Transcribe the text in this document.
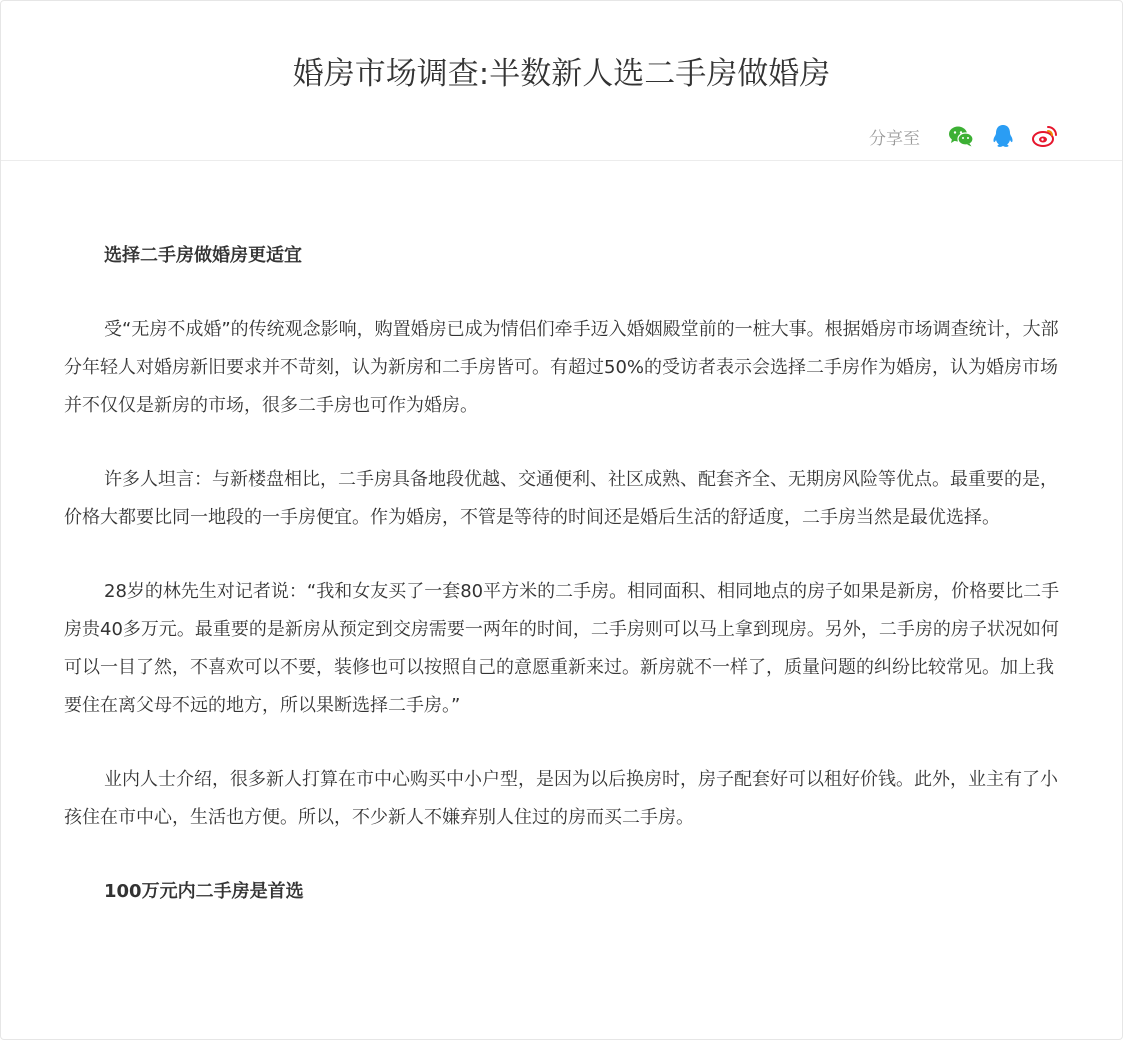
婚房市场调查:半数新人选二手房做婚房
分享至

选择二手房做婚房更适宜

受“无房不成婚”的传统观念影响，购置婚房已成为情侣们牵手迈入婚姻殿堂前的一桩大事。根据婚房市场调查统计，大部分年轻人对婚房新旧要求并不苛刻，认为新房和二手房皆可。有超过50%的受访者表示会选择二手房作为婚房，认为婚房市场并不仅仅是新房的市场，很多二手房也可作为婚房。

许多人坦言：与新楼盘相比，二手房具备地段优越、交通便利、社区成熟、配套齐全、无期房风险等优点。最重要的是，价格大都要比同一地段的一手房便宜。作为婚房，不管是等待的时间还是婚后生活的舒适度，二手房当然是最优选择。

28岁的林先生对记者说：“我和女友买了一套80平方米的二手房。相同面积、相同地点的房子如果是新房，价格要比二手房贵40多万元。最重要的是新房从预定到交房需要一两年的时间，二手房则可以马上拿到现房。另外，二手房的房子状况如何可以一目了然，不喜欢可以不要，装修也可以按照自己的意愿重新来过。新房就不一样了，质量问题的纠纷比较常见。加上我要住在离父母不远的地方，所以果断选择二手房。”

业内人士介绍，很多新人打算在市中心购买中小户型，是因为以后换房时，房子配套好可以租好价钱。此外，业主有了小孩住在市中心，生活也方便。所以，不少新人不嫌弃别人住过的房而买二手房。

100万元内二手房是首选
